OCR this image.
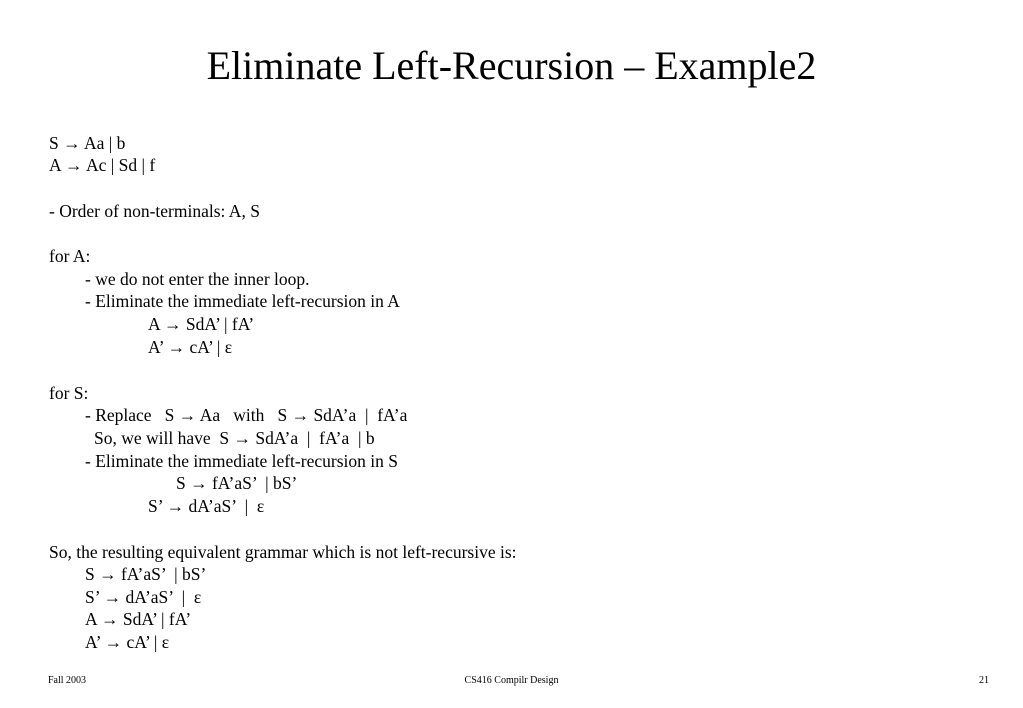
Eliminate Left-Recursion – Example2
S → Aa | b
A → Ac | Sd | f
- Order of non-terminals: A, S
for A:
- we do not enter the inner loop.
- Eliminate the immediate left-recursion in A
A → SdA’ | fA’
A’ → cA’ | ε
for S:
- Replace   S → Aa   with   S → SdA’a  |  fA’a
So, we will have  S → SdA’a  |  fA’a  | b
- Eliminate the immediate left-recursion in S
S → fA’aS’  | bS’
S’ → dA’aS’  |  ε
So, the resulting equivalent grammar which is not left-recursive is:
S → fA’aS’  | bS’
S’ → dA’aS’  |  ε
A → SdA’ | fA’
A’ → cA’ | ε
Fall 2003	CS416 Compilr Design	21
